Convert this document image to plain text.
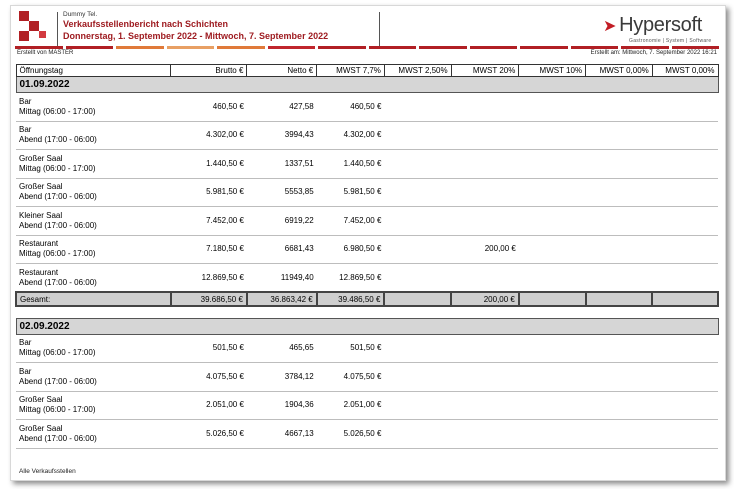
Dummy Tel.
Verkaufsstellenbericht nach Schichten
Donnerstag, 1. September 2022 - Mittwoch, 7. September 2022
➤ Hypersoft
Gastronomie | System | Software
Erstellt von MASTER	Erstellt am: Mittwoch, 7. September 2022 16:21
Öffnungstag	Brutto €	Netto €	MWST 7,7%	MWST 2,50%	MWST 20%	MWST 10%	MWST 0,00%	MWST 0,00%
01.09.2022								

Bar
Mittag (06:00 - 17:00)	460,50 €	427,58	460,50 €					

Bar
Abend (17:00 - 06:00)	4.302,00 €	3994,43	4.302,00 €					

Großer Saal
Mittag (06:00 - 17:00)	1.440,50 €	1337,51	1.440,50 €					

Großer Saal
Abend (17:00 - 06:00)	5.981,50 €	5553,85	5.981,50 €					

Kleiner Saal
Abend (17:00 - 06:00)	7.452,00 €	6919,22	7.452,00 €					

Restaurant
Mittag (06:00 - 17:00)	7.180,50 €	6681,43	6.980,50 €		200,00 €			

Restaurant
Abend (17:00 - 06:00)	12.869,50 €	11949,40	12.869,50 €					
Gesamt:	39.686,50 €	36.863,42 €	39.486,50 €		200,00 €			

02.09.2022								

Bar
Mittag (06:00 - 17:00)	501,50 €	465,65	501,50 €					

Bar
Abend (17:00 - 06:00)	4.075,50 €	3784,12	4.075,50 €					

Großer Saal
Mittag (06:00 - 17:00)	2.051,00 €	1904,36	2.051,00 €					

Großer Saal
Abend (17:00 - 06:00)	5.026,50 €	4667,13	5.026,50 €					
Alle Verkaufsstellen
